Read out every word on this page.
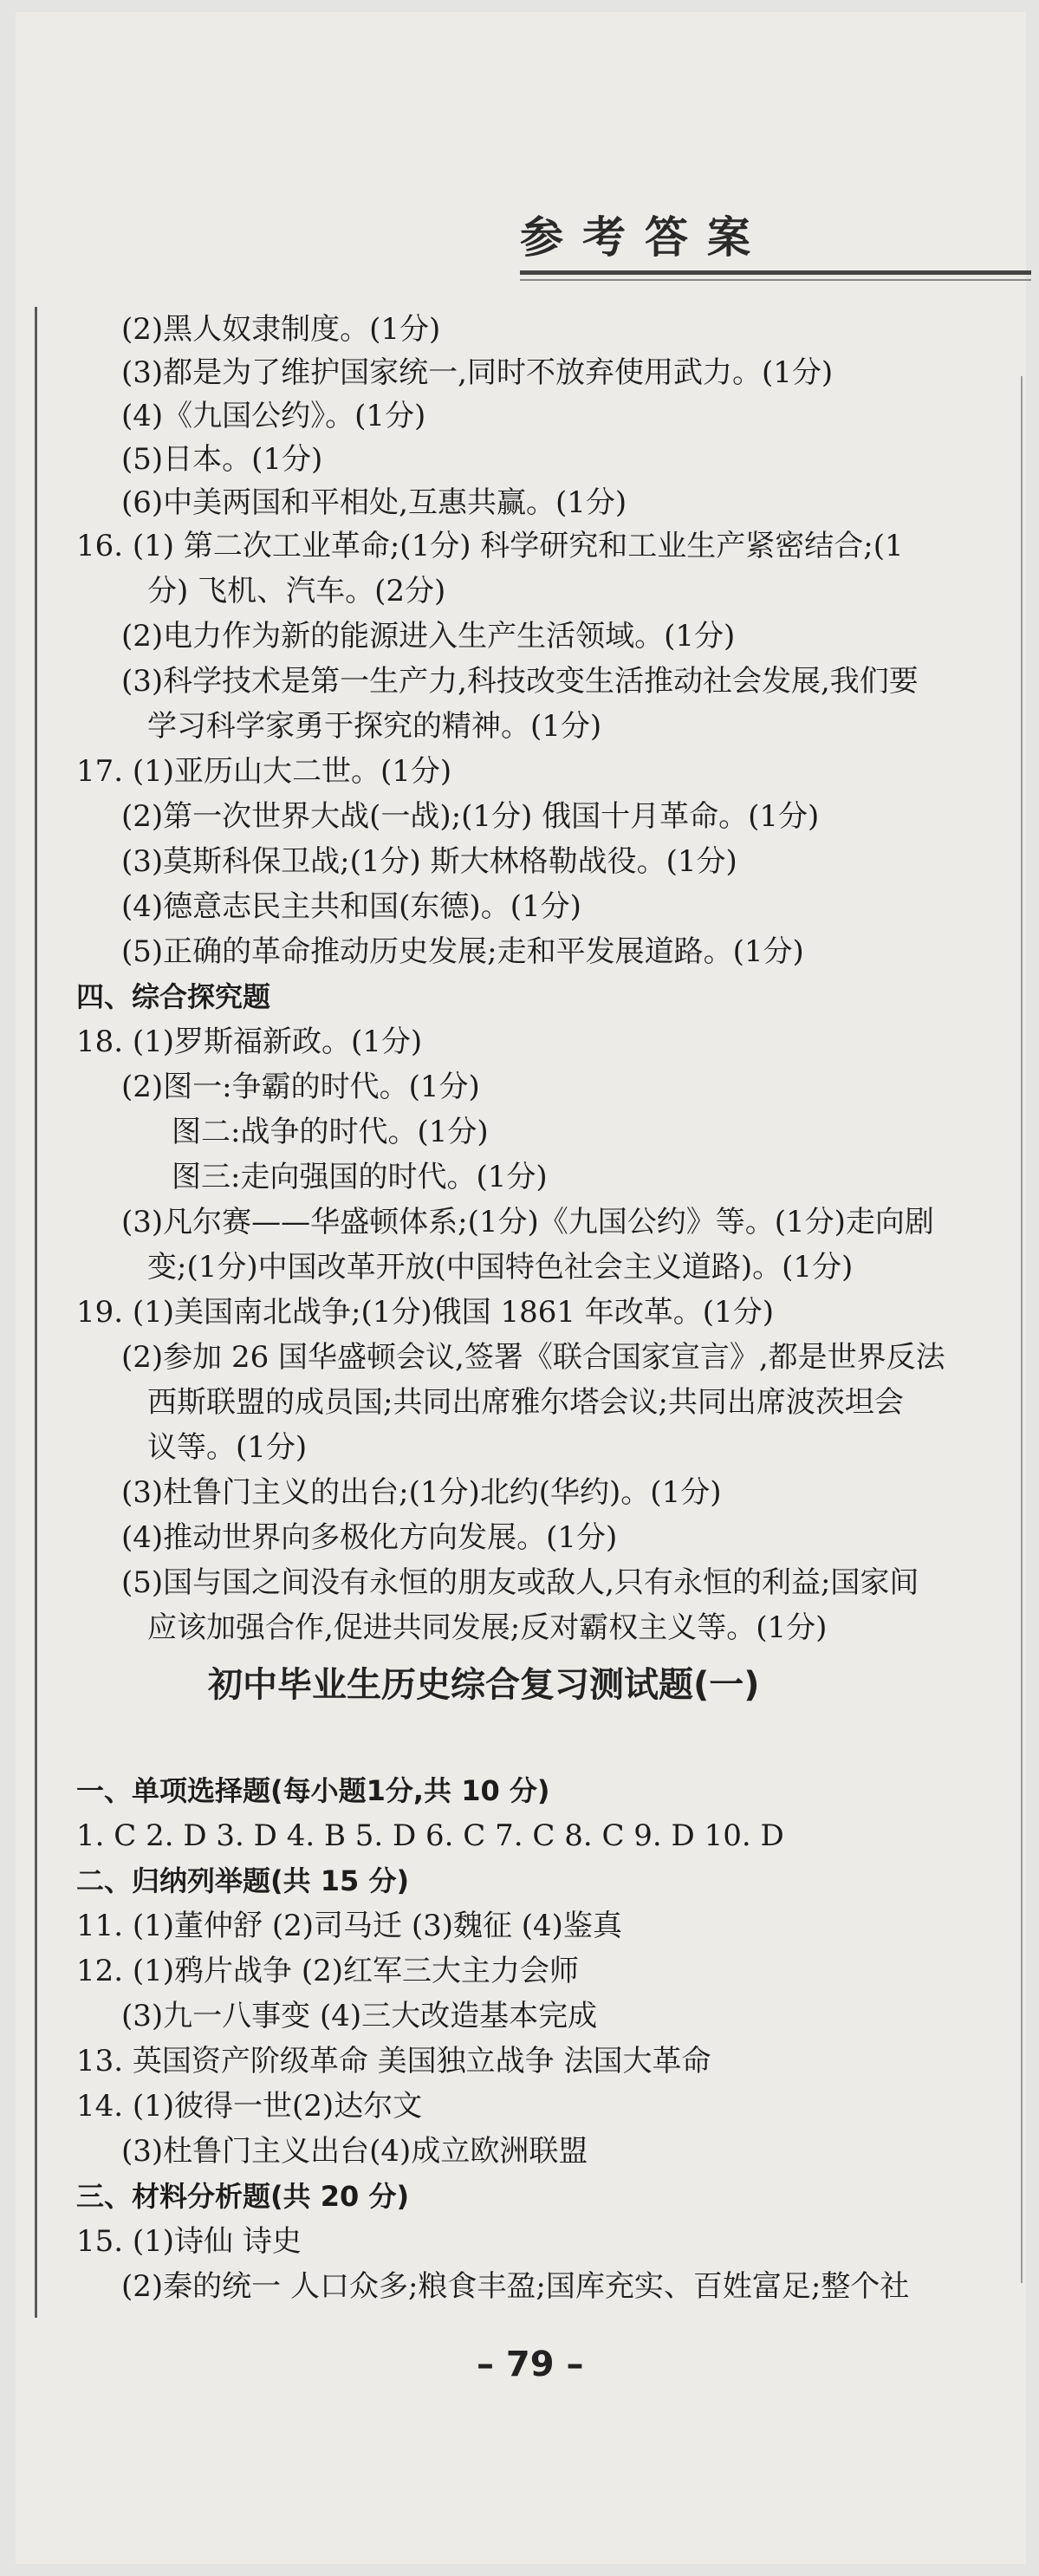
参考答案
(2)黑人奴隶制度。(1分)
(3)都是为了维护国家统一,同时不放弃使用武力。(1分)
(4)《九国公约》。(1分)
(5)日本。(1分)
(6)中美两国和平相处,互惠共赢。(1分)
16. (1) 第二次工业革命;(1分) 科学研究和工业生产紧密结合;(1
分) 飞机、汽车。(2分)
(2)电力作为新的能源进入生产生活领域。(1分)
(3)科学技术是第一生产力,科技改变生活推动社会发展,我们要
学习科学家勇于探究的精神。(1分)
17. (1)亚历山大二世。(1分)
(2)第一次世界大战(一战);(1分) 俄国十月革命。(1分)
(3)莫斯科保卫战;(1分) 斯大林格勒战役。(1分)
(4)德意志民主共和国(东德)。(1分)
(5)正确的革命推动历史发展;走和平发展道路。(1分)
四、综合探究题
18. (1)罗斯福新政。(1分)
(2)图一:争霸的时代。(1分)
图二:战争的时代。(1分)
图三:走向强国的时代。(1分)
(3)凡尔赛——华盛顿体系;(1分)《九国公约》等。(1分)走向剧
变;(1分)中国改革开放(中国特色社会主义道路)。(1分)
19. (1)美国南北战争;(1分)俄国 1861 年改革。(1分)
(2)参加 26 国华盛顿会议,签署《联合国家宣言》,都是世界反法
西斯联盟的成员国;共同出席雅尔塔会议;共同出席波茨坦会
议等。(1分)
(3)杜鲁门主义的出台;(1分)北约(华约)。(1分)
(4)推动世界向多极化方向发展。(1分)
(5)国与国之间没有永恒的朋友或敌人,只有永恒的利益;国家间
应该加强合作,促进共同发展;反对霸权主义等。(1分)
一、单项选择题(每小题1分,共 10 分)
1. C 2. D 3. D 4. B 5. D 6. C 7. C 8. C 9. D 10. D
二、归纳列举题(共 15 分)
11. (1)董仲舒 (2)司马迁 (3)魏征 (4)鉴真
12. (1)鸦片战争 (2)红军三大主力会师
(3)九一八事变 (4)三大改造基本完成
13. 英国资产阶级革命 美国独立战争 法国大革命
14. (1)彼得一世(2)达尔文
(3)杜鲁门主义出台(4)成立欧洲联盟
三、材料分析题(共 20 分)
15. (1)诗仙 诗史
(2)秦的统一 人口众多;粮食丰盈;国库充实、百姓富足;整个社
初中毕业生历史综合复习测试题(一)
– 79 –
